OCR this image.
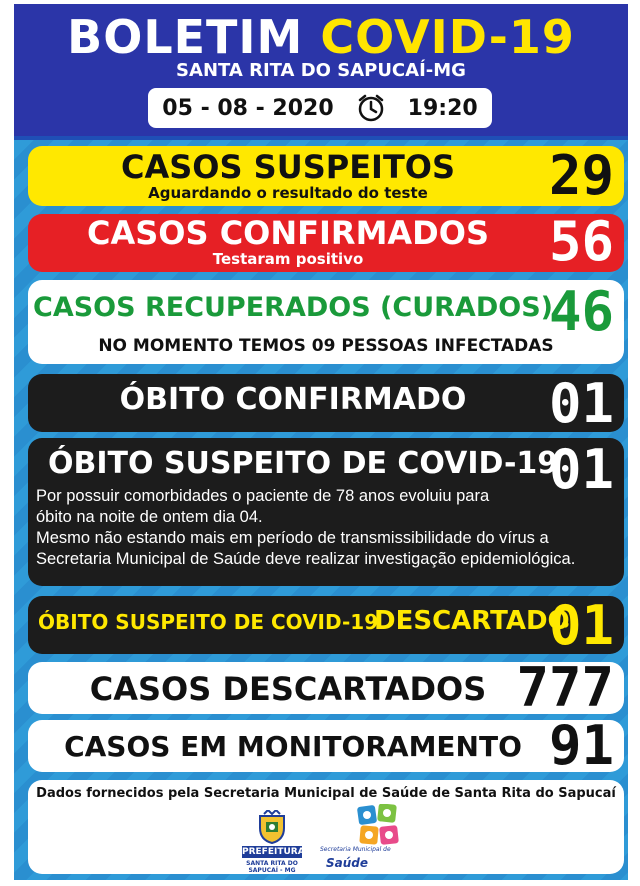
BOLETIM COVID-19
SANTA RITA DO SAPUCAÍ-MG
05 - 08 - 2020	19:20
CASOS SUSPEITOS
Aguardando o resultado do teste	29
CASOS CONFIRMADOS
Testaram positivo	56
CASOS RECUPERADOS (CURADOS)
NO MOMENTO TEMOS 09 PESSOAS INFECTADAS
46
ÓBITO CONFIRMADO	01
ÓBITO SUSPEITO DE COVID-19
01
Por possuir comorbidades o paciente de 78 anos evoluiu para
óbito na noite de ontem dia 04.
Mesmo não estando mais em período de transmissibilidade do vírus a
Secretaria Municipal de Saúde deve realizar investigação epidemiológica.
ÓBITO SUSPEITO DE COVID-19
DESCARTADO
01
CASOS DESCARTADOS 777
CASOS EM MONITORAMENTO 91
Dados fornecidos pela Secretaria Municipal de Saúde de Santa Rita do Sapucaí
PREFEITURA
SANTA RITA DO SAPUCAÍ - MG
Secretaria Municipal de
Saúde
